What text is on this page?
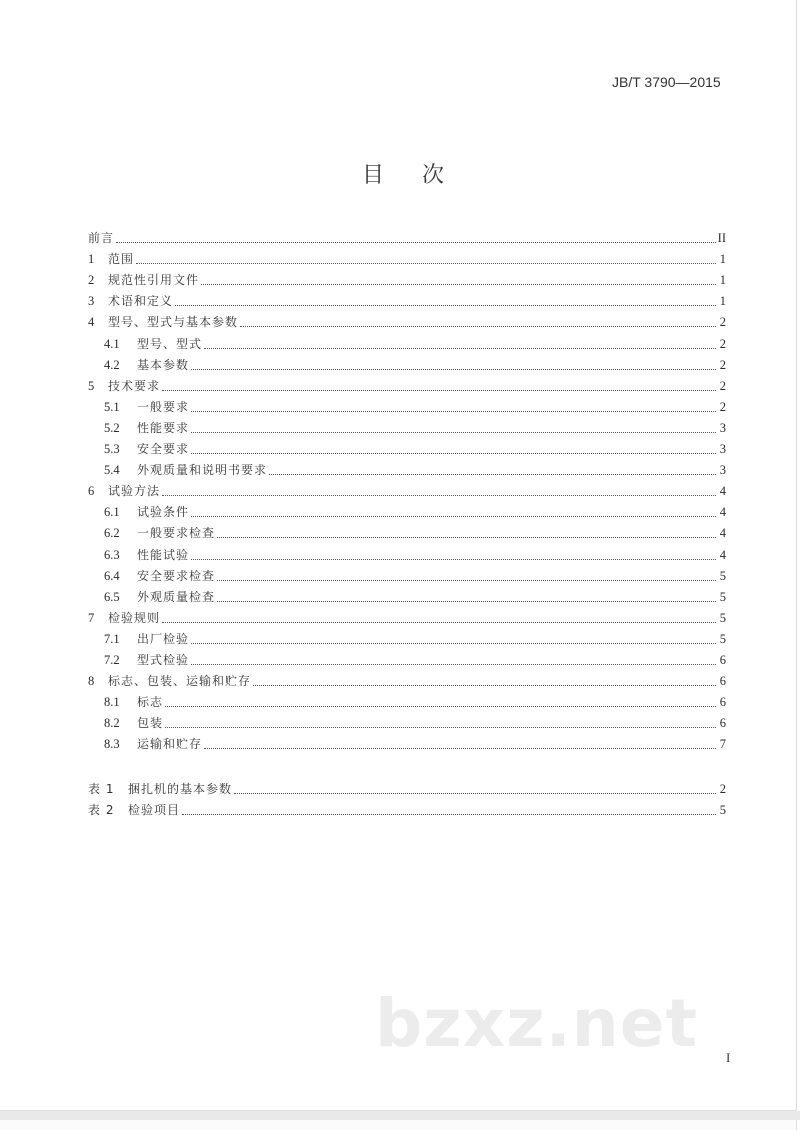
JB/T 3790—2015
目 次
前言	II
1	范围	1
2	规范性引用文件	1
3	术语和定义	1
4	型号、型式与基本参数	2
4.1	型号、型式	2
4.2	基本参数	2
5	技术要求	2
5.1	一般要求	2
5.2	性能要求	3
5.3	安全要求	3
5.4	外观质量和说明书要求	3
6	试验方法	4
6.1	试验条件	4
6.2	一般要求检查	4
6.3	性能试验	4
6.4	安全要求检查	5
6.5	外观质量检查	5
7	检验规则	5
7.1	出厂检验	5
7.2	型式检验	6
8	标志、包装、运输和贮存	6
8.1	标志	6
8.2	包装	6
8.3	运输和贮存	7
表 1	捆扎机的基本参数	2
表 2	检验项目	5
bzxz.net I
